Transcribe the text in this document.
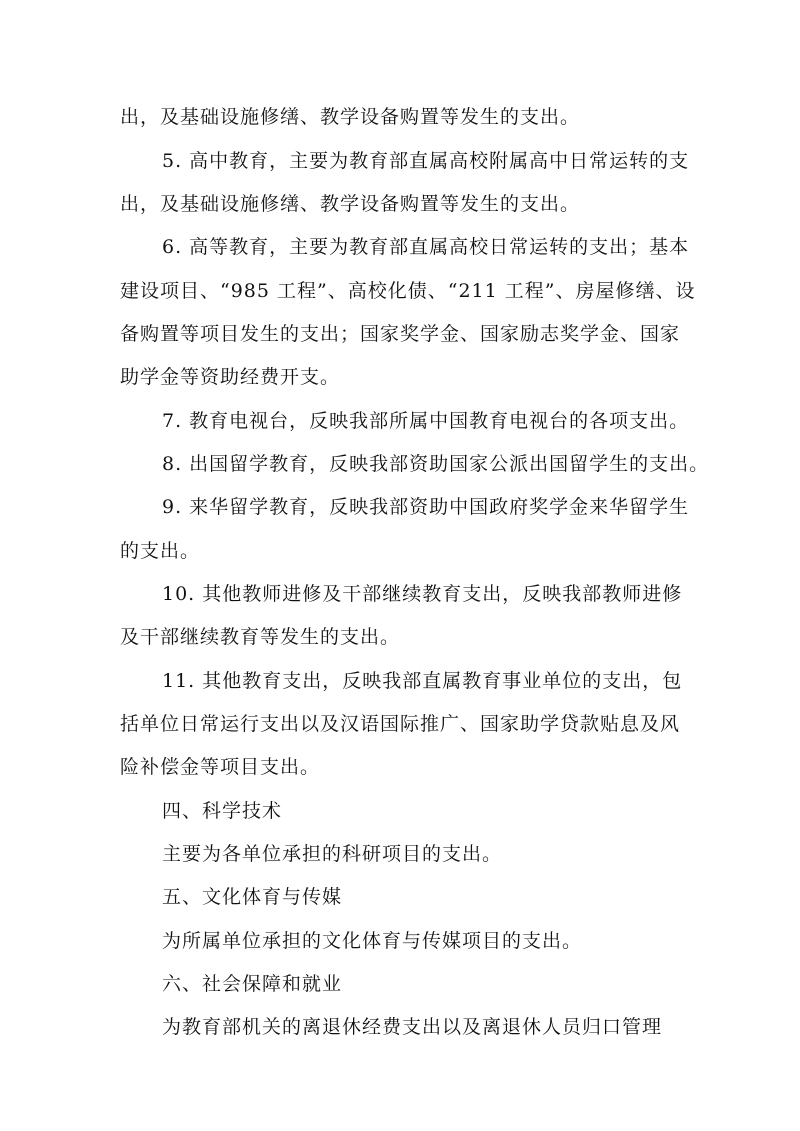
出，及基础设施修缮、教学设备购置等发生的支出。
5. 高中教育，主要为教育部直属高校附属高中日常运转的支
出，及基础设施修缮、教学设备购置等发生的支出。
6. 高等教育，主要为教育部直属高校日常运转的支出；基本
建设项目、“985 工程”、高校化债、“211 工程”、房屋修缮、设
备购置等项目发生的支出；国家奖学金、国家励志奖学金、国家
助学金等资助经费开支。
7. 教育电视台，反映我部所属中国教育电视台的各项支出。
8. 出国留学教育，反映我部资助国家公派出国留学生的支出。
9. 来华留学教育，反映我部资助中国政府奖学金来华留学生
的支出。
10. 其他教师进修及干部继续教育支出，反映我部教师进修
及干部继续教育等发生的支出。
11. 其他教育支出，反映我部直属教育事业单位的支出，包
括单位日常运行支出以及汉语国际推广、国家助学贷款贴息及风
险补偿金等项目支出。
四、科学技术
主要为各单位承担的科研项目的支出。
五、文化体育与传媒
为所属单位承担的文化体育与传媒项目的支出。
六、社会保障和就业
为教育部机关的离退休经费支出以及离退休人员归口管理
